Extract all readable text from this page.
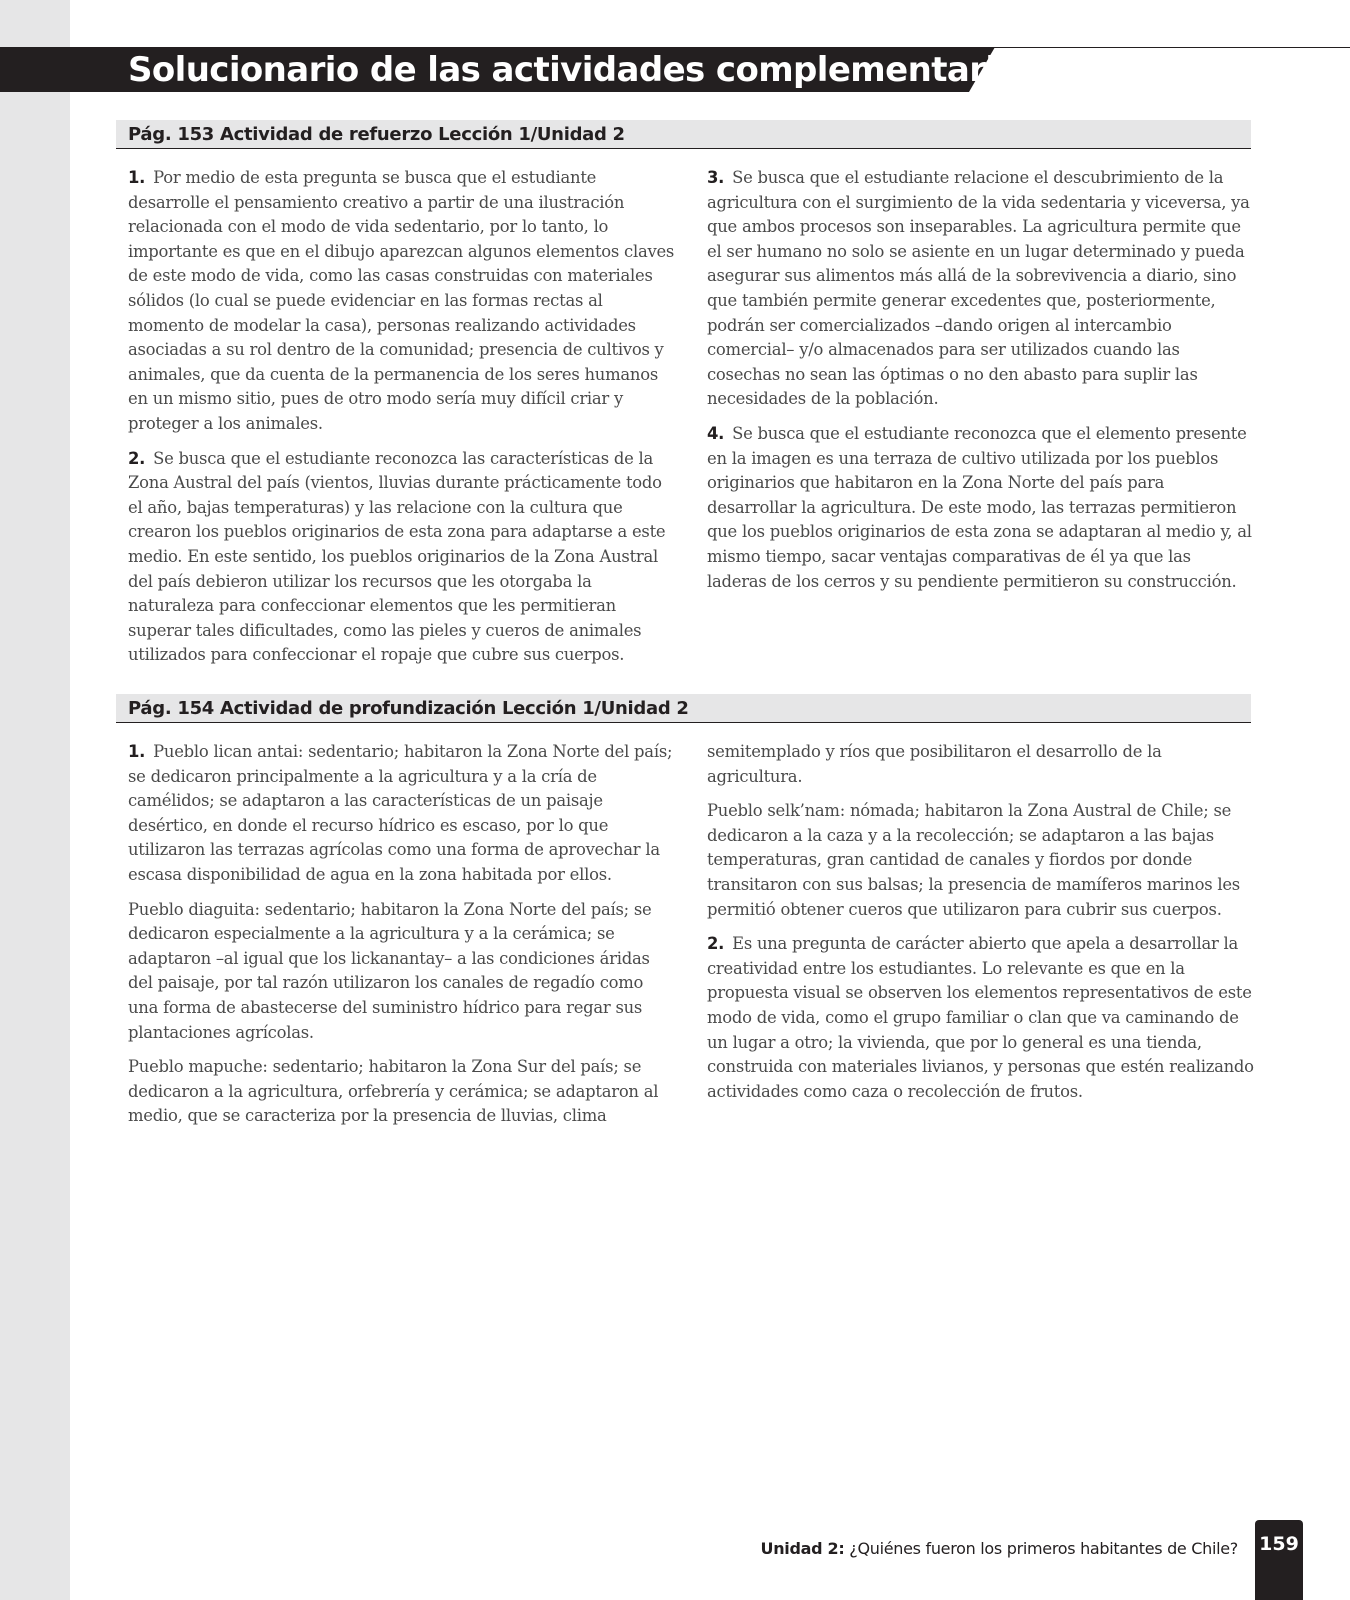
Solucionario de las actividades complementarias
Pág. 153 Actividad de refuerzo Lección 1/Unidad 2

1. Por medio de esta pregunta se busca que el estudiante desarrolle el pensamiento creativo a partir de una ilustración relacionada con el modo de vida sedentario, por lo tanto, lo importante es que en el dibujo aparezcan algunos elementos claves de este modo de vida, como las casas construidas con materiales sólidos (lo cual se puede evidenciar en las formas rectas al momento de modelar la casa), personas realizando actividades asociadas a su rol dentro de la comunidad; presencia de cultivos y animales, que da cuenta de la permanencia de los seres humanos en un mismo sitio, pues de otro modo sería muy difícil criar y proteger a los animales.

2. Se busca que el estudiante reconozca las características de la Zona Austral del país (vientos, lluvias durante prácticamente todo el año, bajas temperaturas) y las relacione con la cultura que crearon los pueblos originarios de esta zona para adaptarse a este medio. En este sentido, los pueblos originarios de la Zona Austral del país debieron utilizar los recursos que les otorgaba la naturaleza para confeccionar elementos que les permitieran superar tales dificultades, como las pieles y cueros de animales utilizados para confeccionar el ropaje que cubre sus cuerpos.

3. Se busca que el estudiante relacione el descubrimiento de la agricultura con el surgimiento de la vida sedentaria y viceversa, ya que ambos procesos son inseparables. La agricultura permite que el ser humano no solo se asiente en un lugar determinado y pueda asegurar sus alimentos más allá de la sobrevivencia a diario, sino que también permite generar excedentes que, posteriormente, podrán ser comercializados –dando origen al intercambio comercial– y/o almacenados para ser utilizados cuando las cosechas no sean las óptimas o no den abasto para suplir las necesidades de la población.

4. Se busca que el estudiante reconozca que el elemento presente en la imagen es una terraza de cultivo utilizada por los pueblos originarios que habitaron en la Zona Norte del país para desarrollar la agricultura. De este modo, las terrazas permitieron que los pueblos originarios de esta zona se adaptaran al medio y, al mismo tiempo, sacar ventajas comparativas de él ya que las laderas de los cerros y su pendiente permitieron su construcción.

Pág. 154 Actividad de profundización Lección 1/Unidad 2

1. Pueblo lican antai: sedentario; habitaron la Zona Norte del país; se dedicaron principalmente a la agricultura y a la cría de camélidos; se adaptaron a las características de un paisaje desértico, en donde el recurso hídrico es escaso, por lo que utilizaron las terrazas agrícolas como una forma de aprovechar la escasa disponibilidad de agua en la zona habitada por ellos.

Pueblo diaguita: sedentario; habitaron la Zona Norte del país; se dedicaron especialmente a la agricultura y a la cerámica; se adaptaron –al igual que los lickanantay– a las condiciones áridas del paisaje, por tal razón utilizaron los canales de regadío como una forma de abastecerse del suministro hídrico para regar sus plantaciones agrícolas.

Pueblo mapuche: sedentario; habitaron la Zona Sur del país; se dedicaron a la agricultura, orfebrería y cerámica; se adaptaron al medio, que se caracteriza por la presencia de lluvias, clima

semitemplado y ríos que posibilitaron el desarrollo de la agricultura.

Pueblo selk’nam: nómada; habitaron la Zona Austral de Chile; se dedicaron a la caza y a la recolección; se adaptaron a las bajas temperaturas, gran cantidad de canales y fiordos por donde transitaron con sus balsas; la presencia de mamíferos marinos les permitió obtener cueros que utilizaron para cubrir sus cuerpos.

2. Es una pregunta de carácter abierto que apela a desarrollar la creatividad entre los estudiantes. Lo relevante es que en la propuesta visual se observen los elementos representativos de este modo de vida, como el grupo familiar o clan que va caminando de un lugar a otro; la vivienda, que por lo general es una tienda, construida con materiales livianos, y personas que estén realizando actividades como caza o recolección de frutos.

Unidad 2: ¿Quiénes fueron los primeros habitantes de Chile? 159
